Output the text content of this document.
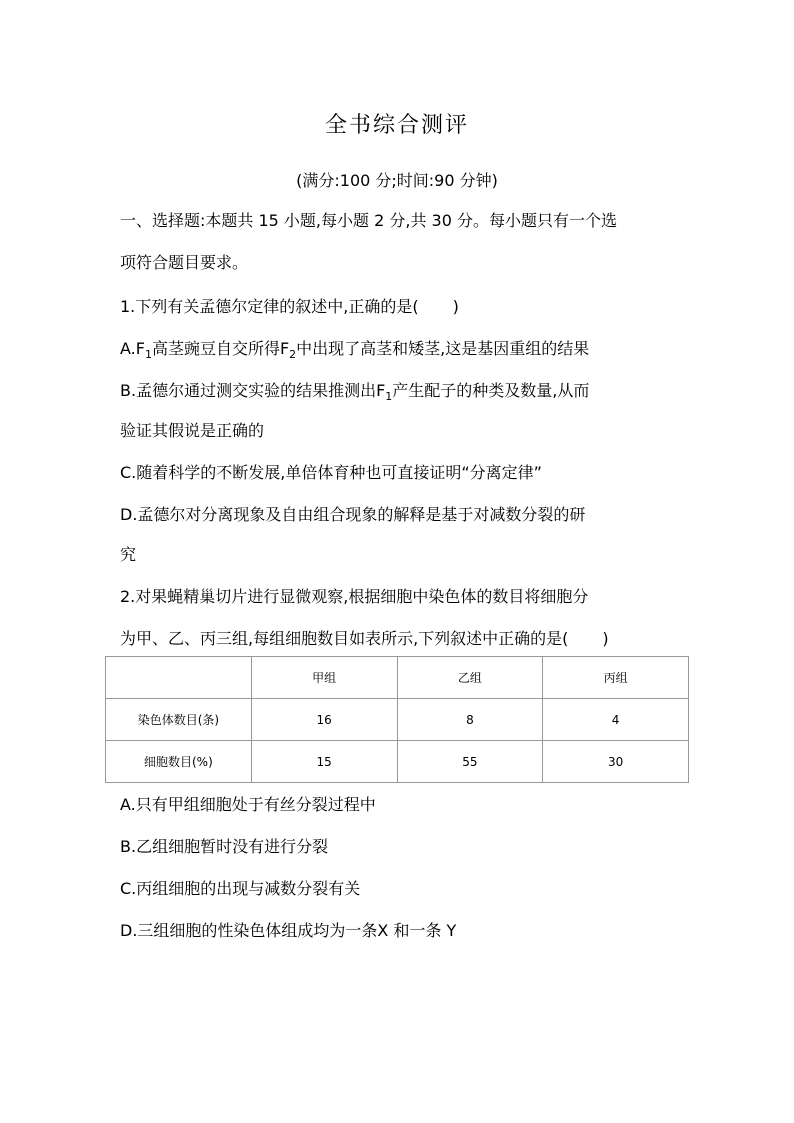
全书综合测评
(满分:100 分;时间:90 分钟)
一、选择题:本题共 15 小题,每小题 2 分,共 30 分。每小题只有一个选
项符合题目要求。
1.下列有关孟德尔定律的叙述中,正确的是( )
$A.F_1$高茎豌豆自交所得$F_2$中出现了高茎和矮茎,这是基因重组的结果
B.孟德尔通过测交实验的结果推测出$F_1$产生配子的种类及数量,从而
验证其假说是正确的
C.随着科学的不断发展,单倍体育种也可直接证明“分离定律”
D.孟德尔对分离现象及自由组合现象的解释是基于对减数分裂的研
究
2.对果蝇精巢切片进行显微观察,根据细胞中染色体的数目将细胞分
为甲、乙、丙三组,每组细胞数目如表所示,下列叙述中正确的是( )
	甲组	乙组	丙组
染色体数目(条)	16	8	4
细胞数目(%)	15	55	30
A.只有甲组细胞处于有丝分裂过程中
B.乙组细胞暂时没有进行分裂
C.丙组细胞的出现与减数分裂有关
D.三组细胞的性染色体组成均为一条X 和一条 Y
